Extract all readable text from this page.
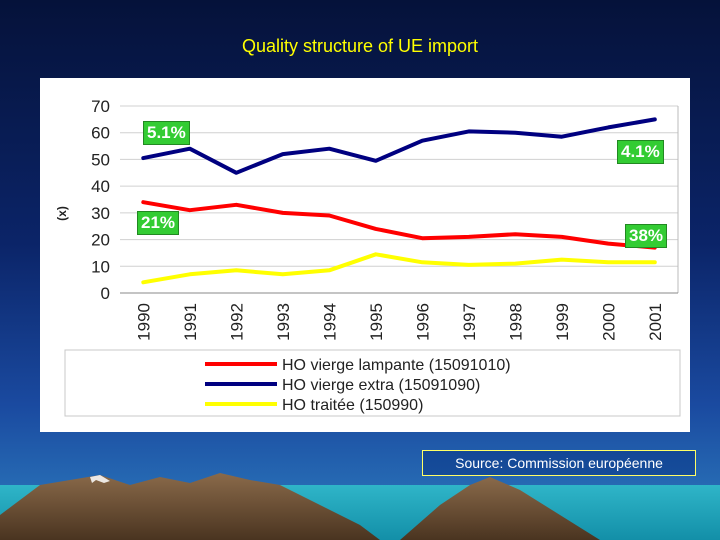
Quality structure of UE import
0
10
20
30
40
50
60
70
(x)
1990 1991 1992 1993 1994 1995 1996 1997 1998 1999 2000 2001
HO vierge lampante (15091010)
HO vierge extra (15091090)
HO traitée (150990)
5.1%
4.1%
21%
38%
Source: Commission européenne
